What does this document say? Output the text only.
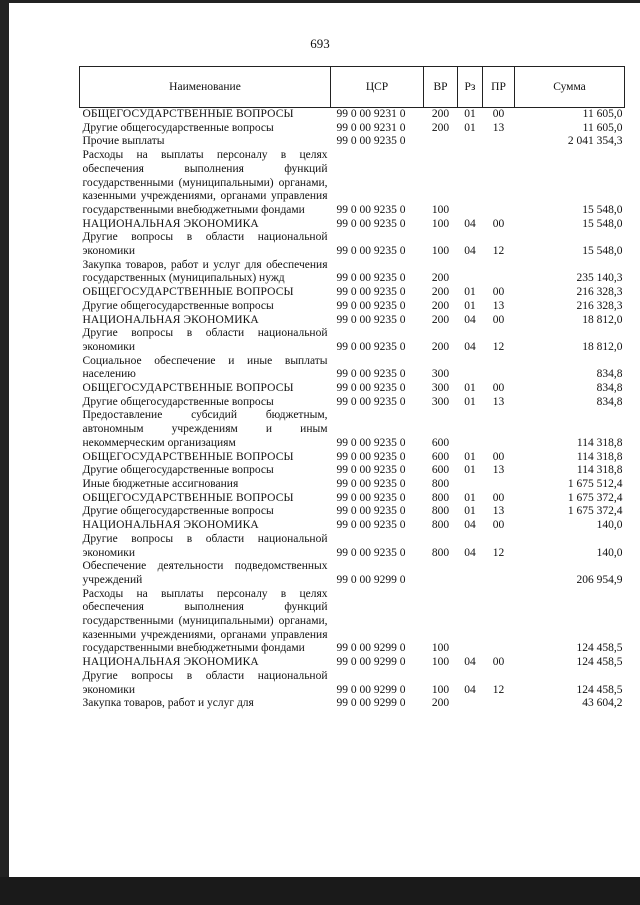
693
Наименование	ЦСР	ВР	Рз	ПР	Сумма
ОБЩЕГОСУДАРСТВЕННЫЕ ВОПРОСЫ	99 0 00 9231 0	200	01	00	11 605,0
Другие общегосударственные вопросы	99 0 00 9231 0	200	01	13	11 605,0
Прочие выплаты	99 0 00 9235 0				2 041 354,3
Расходы на выплаты персоналу в целях обеспечения выполнения функций государственными (муниципальными) органами, казенными учреждениями, органами управления государственными внебюджетными фондами	99 0 00 9235 0	100			15 548,0
НАЦИОНАЛЬНАЯ ЭКОНОМИКА	99 0 00 9235 0	100	04	00	15 548,0
Другие вопросы в области национальной экономики	99 0 00 9235 0	100	04	12	15 548,0
Закупка товаров, работ и услуг для обеспечения государственных (муниципальных) нужд	99 0 00 9235 0	200			235 140,3
ОБЩЕГОСУДАРСТВЕННЫЕ ВОПРОСЫ	99 0 00 9235 0	200	01	00	216 328,3
Другие общегосударственные вопросы	99 0 00 9235 0	200	01	13	216 328,3
НАЦИОНАЛЬНАЯ ЭКОНОМИКА	99 0 00 9235 0	200	04	00	18 812,0
Другие вопросы в области национальной экономики	99 0 00 9235 0	200	04	12	18 812,0
Социальное обеспечение и иные выплаты населению	99 0 00 9235 0	300			834,8
ОБЩЕГОСУДАРСТВЕННЫЕ ВОПРОСЫ	99 0 00 9235 0	300	01	00	834,8
Другие общегосударственные вопросы	99 0 00 9235 0	300	01	13	834,8
Предоставление субсидий бюджетным, автономным учреждениям и иным некоммерческим организациям	99 0 00 9235 0	600			114 318,8
ОБЩЕГОСУДАРСТВЕННЫЕ ВОПРОСЫ	99 0 00 9235 0	600	01	00	114 318,8
Другие общегосударственные вопросы	99 0 00 9235 0	600	01	13	114 318,8
Иные бюджетные ассигнования	99 0 00 9235 0	800			1 675 512,4
ОБЩЕГОСУДАРСТВЕННЫЕ ВОПРОСЫ	99 0 00 9235 0	800	01	00	1 675 372,4
Другие общегосударственные вопросы	99 0 00 9235 0	800	01	13	1 675 372,4
НАЦИОНАЛЬНАЯ ЭКОНОМИКА	99 0 00 9235 0	800	04	00	140,0
Другие вопросы в области национальной экономики	99 0 00 9235 0	800	04	12	140,0
Обеспечение деятельности подведомственных учреждений	99 0 00 9299 0				206 954,9
Расходы на выплаты персоналу в целях обеспечения выполнения функций государственными (муниципальными) органами, казенными учреждениями, органами управления государственными внебюджетными фондами	99 0 00 9299 0	100			124 458,5
НАЦИОНАЛЬНАЯ ЭКОНОМИКА	99 0 00 9299 0	100	04	00	124 458,5
Другие вопросы в области национальной экономики	99 0 00 9299 0	100	04	12	124 458,5
Закупка товаров, работ и услуг для	99 0 00 9299 0	200			43 604,2
